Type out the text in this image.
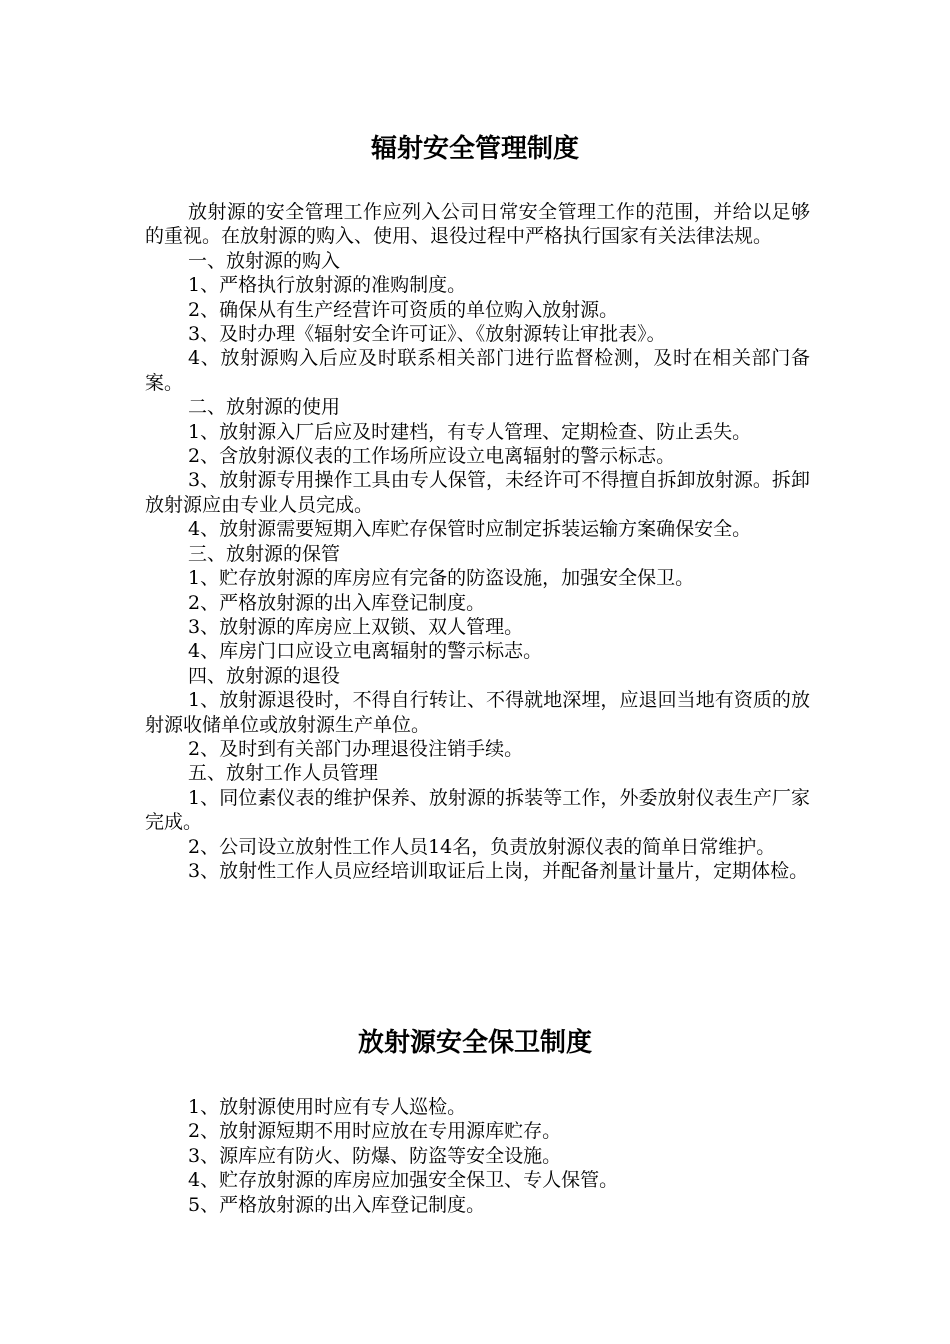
辐射安全管理制度

放射源的安全管理工作应列入公司日常安全管理工作的范围，并给以足够的重视。在放射源的购入、使用、退役过程中严格执行国家有关法律法规。

一、放射源的购入

1、严格执行放射源的准购制度。

2、确保从有生产经营许可资质的单位购入放射源。

3、及时办理《辐射安全许可证》、《放射源转让审批表》。

4、放射源购入后应及时联系相关部门进行监督检测，及时在相关部门备案。

二、放射源的使用

1、放射源入厂后应及时建档，有专人管理、定期检查、防止丢失。

2、含放射源仪表的工作场所应设立电离辐射的警示标志。

3、放射源专用操作工具由专人保管，未经许可不得擅自拆卸放射源。拆卸放射源应由专业人员完成。

4、放射源需要短期入库贮存保管时应制定拆装运输方案确保安全。

三、放射源的保管

1、贮存放射源的库房应有完备的防盗设施，加强安全保卫。

2、严格放射源的出入库登记制度。

3、放射源的库房应上双锁、双人管理。

4、库房门口应设立电离辐射的警示标志。

四、放射源的退役

1、放射源退役时，不得自行转让、不得就地深埋，应退回当地有资质的放射源收储单位或放射源生产单位。

2、及时到有关部门办理退役注销手续。

五、放射工作人员管理

1、同位素仪表的维护保养、放射源的拆装等工作，外委放射仪表生产厂家完成。

2、公司设立放射性工作人员14名，负责放射源仪表的简单日常维护。

3、放射性工作人员应经培训取证后上岗，并配备剂量计量片，定期体检。

放射源安全保卫制度

1、放射源使用时应有专人巡检。

2、放射源短期不用时应放在专用源库贮存。

3、源库应有防火、防爆、防盗等安全设施。

4、贮存放射源的库房应加强安全保卫、专人保管。

5、严格放射源的出入库登记制度。
